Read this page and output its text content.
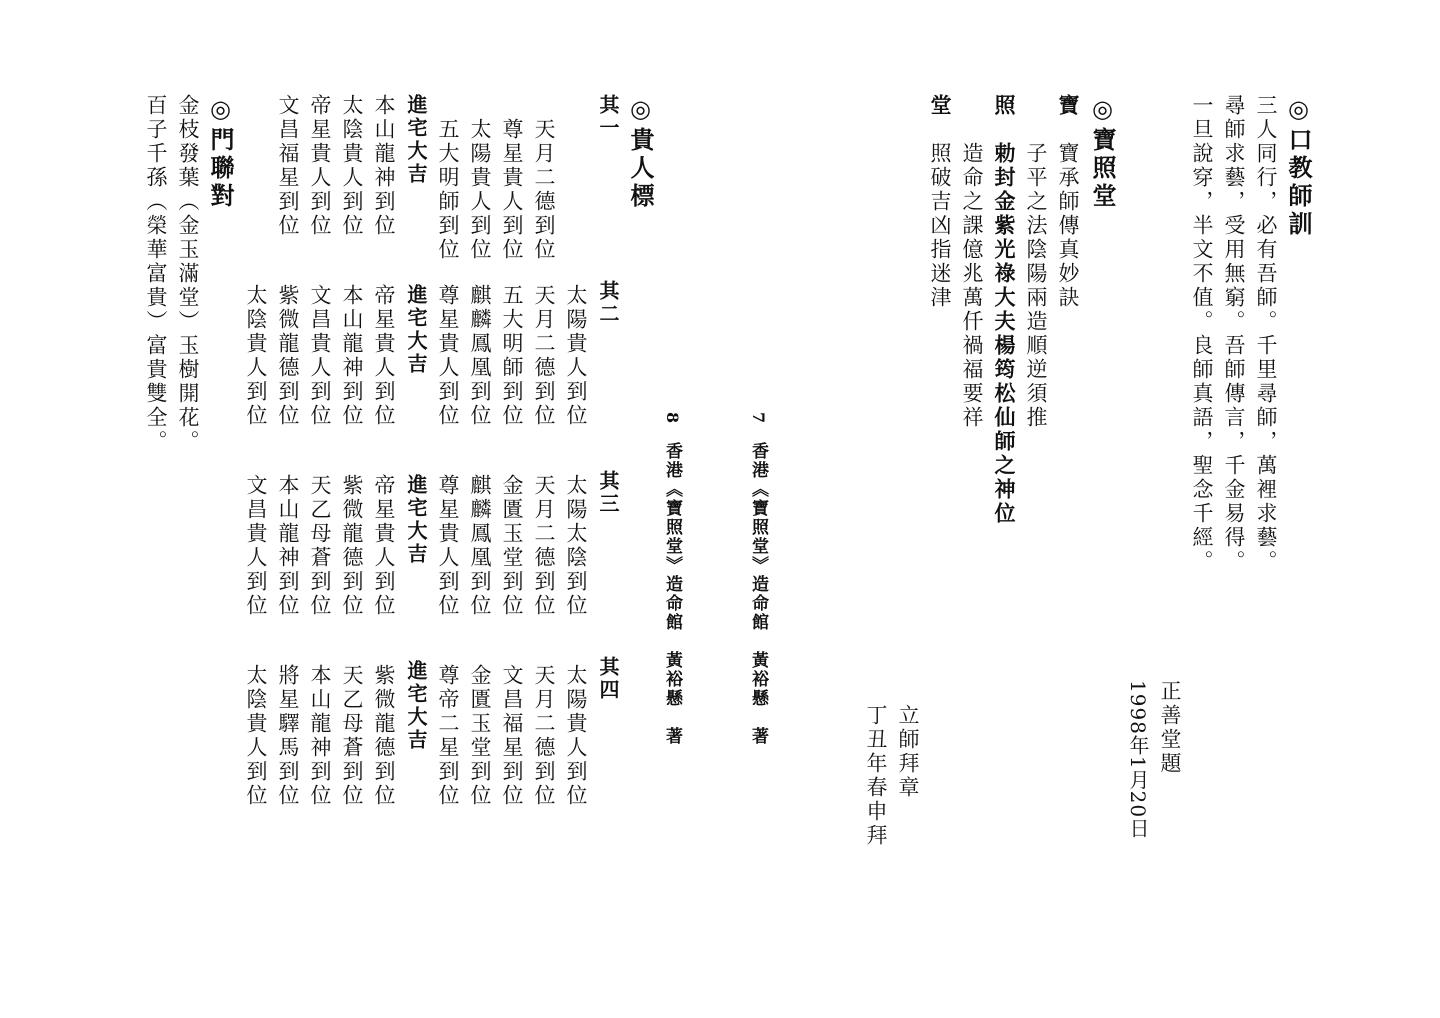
◎口教師訓
三人同行，必有吾師。千里尋師，萬裡求藝。
尋師求藝，受用無窮。吾師傳言，千金易得。
一旦說穿，半文不值。良師真語，聖念千經。
正善堂題
1998年1月20日
◎寶照堂
寶
寶承師傳真妙訣
子平之法陰陽兩造順逆須推
照
勅封金紫光祿大夫楊筠松仙師之神位
造命之課億兆萬仟禍福要祥
堂
照破吉凶指迷津
立師拜章
丁丑年春申拜
7
香港《寶照堂》造命館　黃裕懸　著
8
香港《寶照堂》造命館　黃裕懸　著
◎貴人標
其一
天月二德到位
尊星貴人到位
太陽貴人到位
五大明師到位
進宅大吉
本山龍神到位
太陰貴人到位
帝星貴人到位
文昌福星到位
其二
太陽貴人到位
天月二德到位
五大明師到位
麒麟鳳凰到位
尊星貴人到位
進宅大吉
帝星貴人到位
本山龍神到位
文昌貴人到位
紫微龍德到位
太陰貴人到位
其三
太陽太陰到位
天月二德到位
金匱玉堂到位
麒麟鳳凰到位
尊星貴人到位
進宅大吉
帝星貴人到位
紫微龍德到位
天乙母蒼到位
本山龍神到位
文昌貴人到位
其四
太陽貴人到位
天月二德到位
文昌福星到位
金匱玉堂到位
尊帝二星到位
進宅大吉
紫微龍德到位
天乙母蒼到位
本山龍神到位
將星驛馬到位
太陰貴人到位
◎門聯對
金枝發葉（金玉滿堂）玉樹開花。
百子千孫（榮華富貴）富貴雙全。
